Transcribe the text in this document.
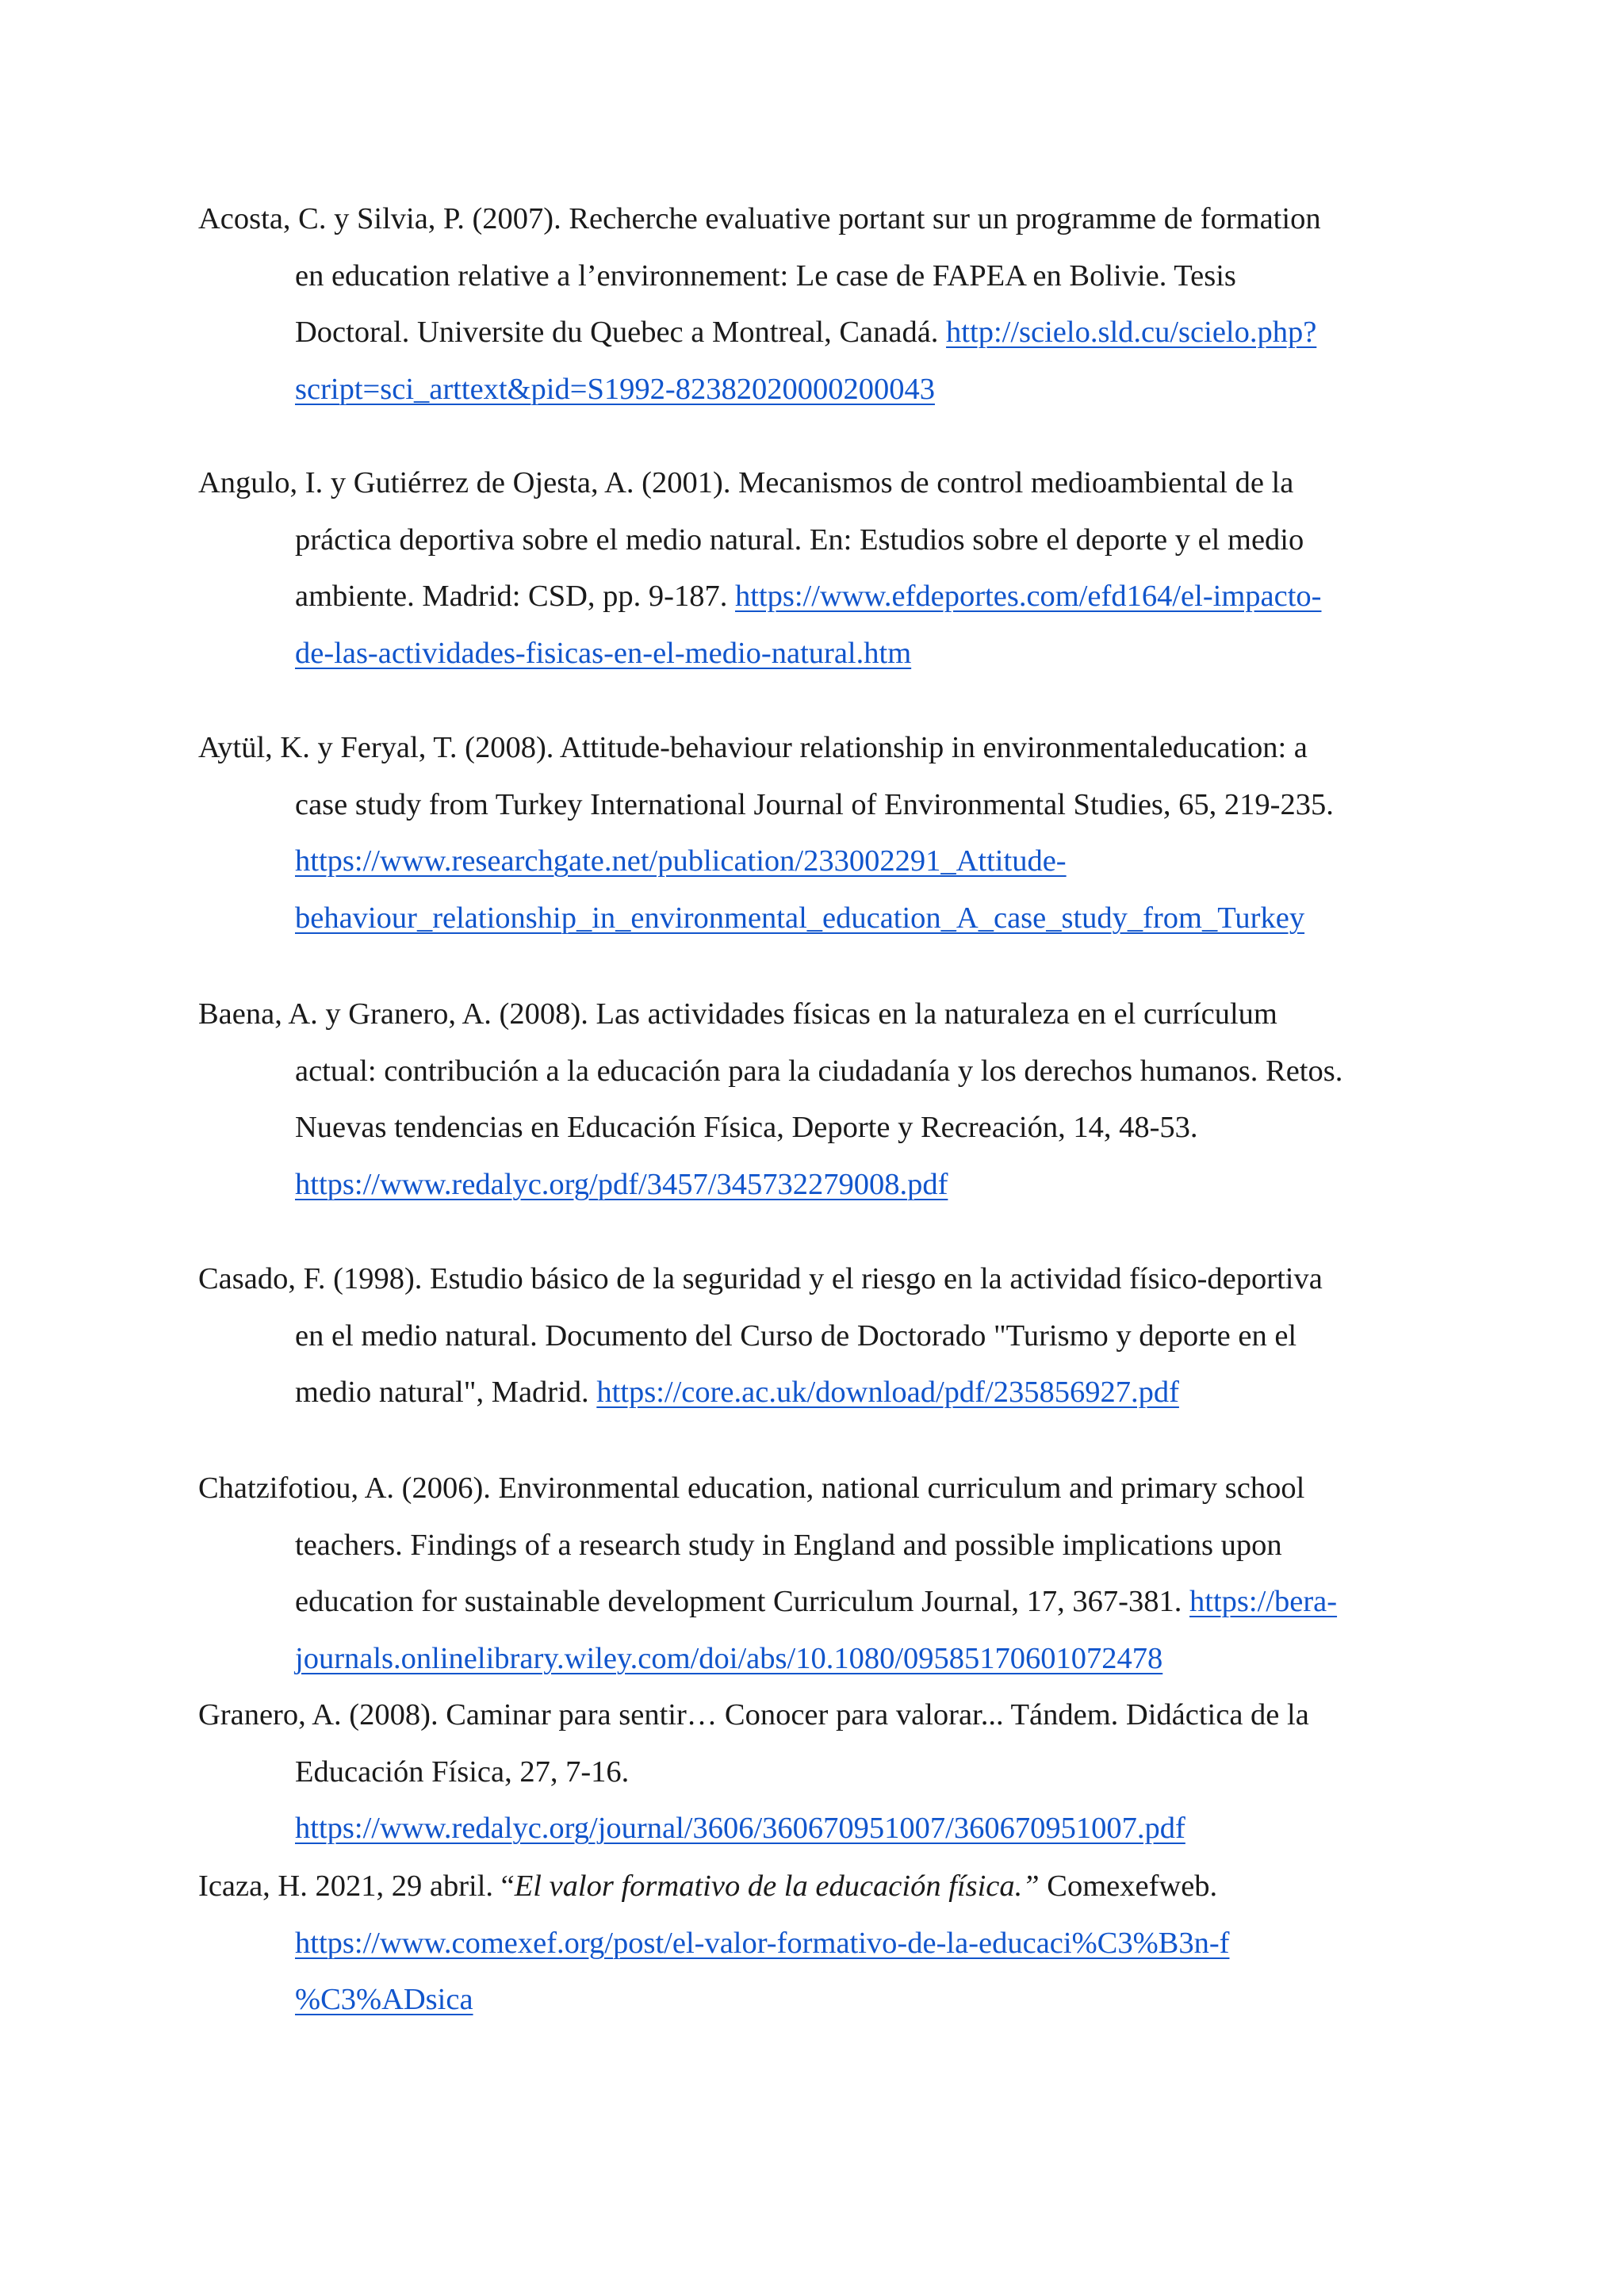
Acosta, C. y Silvia, P. (2007). Recherche evaluative portant sur un programme de formation
en education relative a l’environnement: Le case de FAPEA en Bolivie. Tesis
Doctoral. Universite du Quebec a Montreal, Canadá. http://scielo.sld.cu/scielo.php?
script=sci_arttext&pid=S1992-82382020000200043

Angulo, I. y Gutiérrez de Ojesta, A. (2001). Mecanismos de control medioambiental de la
práctica deportiva sobre el medio natural. En: Estudios sobre el deporte y el medio
ambiente. Madrid: CSD, pp. 9-187. https://www.efdeportes.com/efd164/el-impacto-
de-las-actividades-fisicas-en-el-medio-natural.htm

Aytül, K. y Feryal, T. (2008). Attitude-behaviour relationship in environmentaleducation: a
case study from Turkey International Journal of Environmental Studies, 65, 219-235.
https://www.researchgate.net/publication/233002291_Attitude-
behaviour_relationship_in_environmental_education_A_case_study_from_Turkey

Baena, A. y Granero, A. (2008). Las actividades físicas en la naturaleza en el currículum
actual: contribución a la educación para la ciudadanía y los derechos humanos. Retos.
Nuevas tendencias en Educación Física, Deporte y Recreación, 14, 48-53.
https://www.redalyc.org/pdf/3457/345732279008.pdf

Casado, F. (1998). Estudio básico de la seguridad y el riesgo en la actividad físico-deportiva
en el medio natural. Documento del Curso de Doctorado "Turismo y deporte en el
medio natural", Madrid. https://core.ac.uk/download/pdf/235856927.pdf

Chatzifotiou, A. (2006). Environmental education, national curriculum and primary school
teachers. Findings of a research study in England and possible implications upon
education for sustainable development Curriculum Journal, 17, 367-381. https://bera-
journals.onlinelibrary.wiley.com/doi/abs/10.1080/09585170601072478

Granero, A. (2008). Caminar para sentir… Conocer para valorar... Tándem. Didáctica de la
Educación Física, 27, 7-16.
https://www.redalyc.org/journal/3606/360670951007/360670951007.pdf

Icaza, H. 2021, 29 abril. “El valor formativo de la educación física.” Comexefweb.
https://www.comexef.org/post/el-valor-formativo-de-la-educaci%C3%B3n-f
%C3%ADsica
